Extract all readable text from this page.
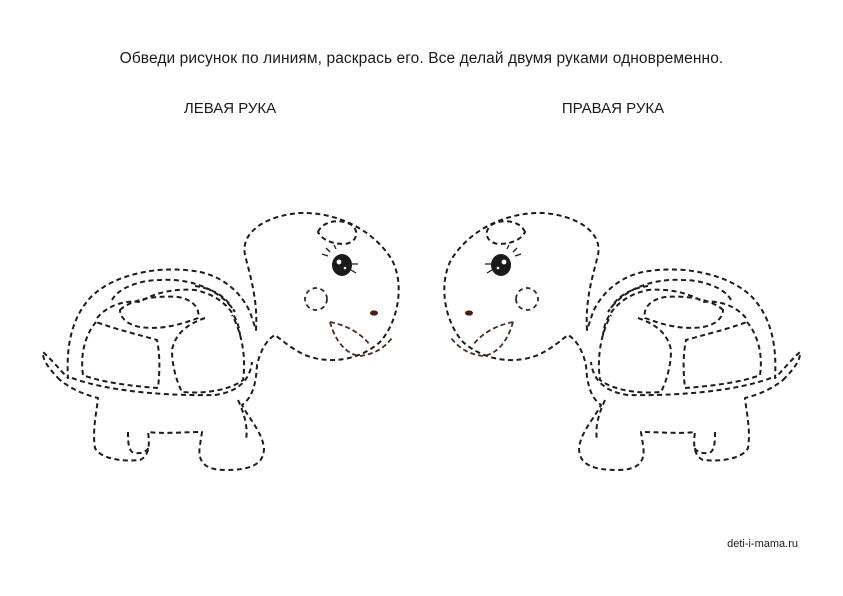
Обведи рисунок по линиям, раскрась его. Все делай двумя руками одновременно.
ЛЕВАЯ РУКА	ПРАВАЯ РУКА
deti-i-mama.ru
